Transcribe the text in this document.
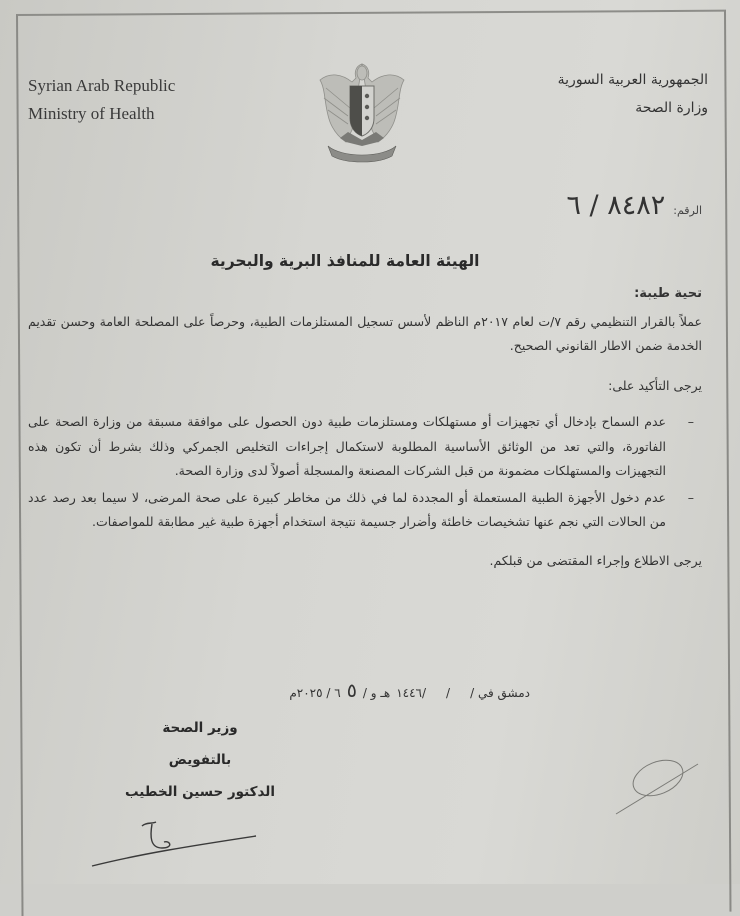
Syrian Arab Republic
Ministry of Health
الجمهورية العربية السورية
وزارة الصحة
الرقم:
٨٤٨٢ / ٦
الهيئة العامة للمنافذ البرية والبحرية
تحية طيبة:
عملاً بالقرار التنظيمي رقم ٧/ت لعام ٢٠١٧م الناظم لأسس تسجيل المستلزمات الطبية، وحرصاً على المصلحة العامة وحسن تقديم الخدمة ضمن الاطار القانوني الصحيح.
يرجى التأكيد على:
–
عدم السماح بإدخال أي تجهيزات أو مستهلكات ومستلزمات طبية دون الحصول على موافقة مسبقة من وزارة الصحة على الفاتورة، والتي تعد من الوثائق الأساسية المطلوبة لاستكمال إجراءات التخليص الجمركي وذلك بشرط أن تكون هذه التجهيزات والمستهلكات مضمونة من قبل الشركات المصنعة والمسجلة أصولاً لدى وزارة الصحة.
–
عدم دخول الأجهزة الطبية المستعملة أو المجددة لما في ذلك من مخاطر كبيرة على صحة المرضى، لا سيما بعد رصد عدد من الحالات التي نجم عنها تشخيصات خاطئة وأضرار جسيمة نتيجة استخدام أجهزة طبية غير مطابقة للمواصفات.
يرجى الاطلاع وإجراء المقتضى من قبلكم.
دمشق في /
/
/١٤٤٦
هـ و /
٥
٦ / ٢٠٢٥م
وزير الصحة
بالتفويض
الدكتور حسين الخطيب
